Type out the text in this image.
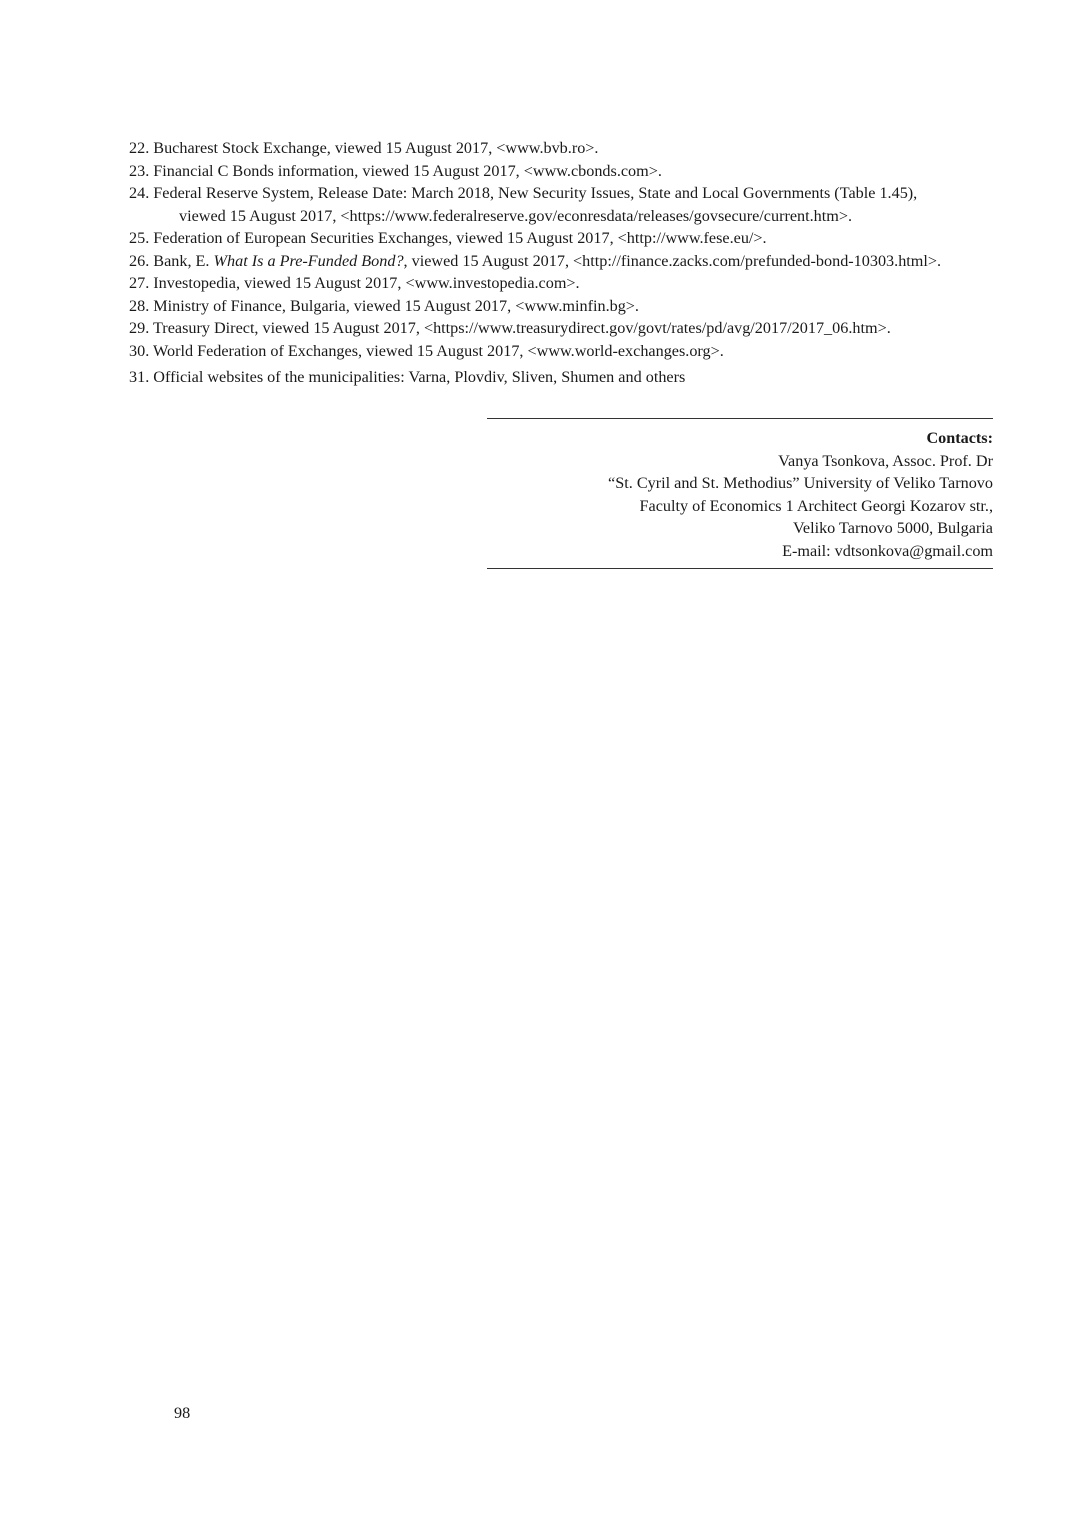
22. Bucharest Stock Exchange, viewed 15 August 2017, <www.bvb.ro>.
23. Financial C Bonds information, viewed 15 August 2017, <www.cbonds.com>.
24. Federal Reserve System, Release Date: March 2018, New Security Issues, State and Local Governments (Table 1.45),
viewed 15 August 2017, <https://www.federalreserve.gov/econresdata/releases/govsecure/current.htm>.
25. Federation of European Securities Exchanges, viewed 15 August 2017, <http://www.fese.eu/>.
26. Bank, E. What Is a Pre-Funded Bond?, viewed 15 August 2017, <http://finance.zacks.com/prefunded-bond-10303.html>.
27. Investopedia, viewed 15 August 2017, <www.investopedia.com>.
28. Ministry of Finance, Bulgaria, viewed 15 August 2017, <www.minfin.bg>.
29. Treasury Direct, viewed 15 August 2017, <https://www.treasurydirect.gov/govt/rates/pd/avg/2017/2017_06.htm>.
30. World Federation of Exchanges, viewed 15 August 2017, <www.world-exchanges.org>.
31. Official websites of the municipalities: Varna, Plovdiv, Sliven, Shumen and others
Contacts:
Vanya Tsonkova, Assoc. Prof. Dr
“St. Cyril and St. Methodius” University of Veliko Tarnovo
Faculty of Economics 1 Architect Georgi Kozarov str.,
Veliko Tarnovo 5000, Bulgaria
E-mail: vdtsonkova@gmail.com
98
